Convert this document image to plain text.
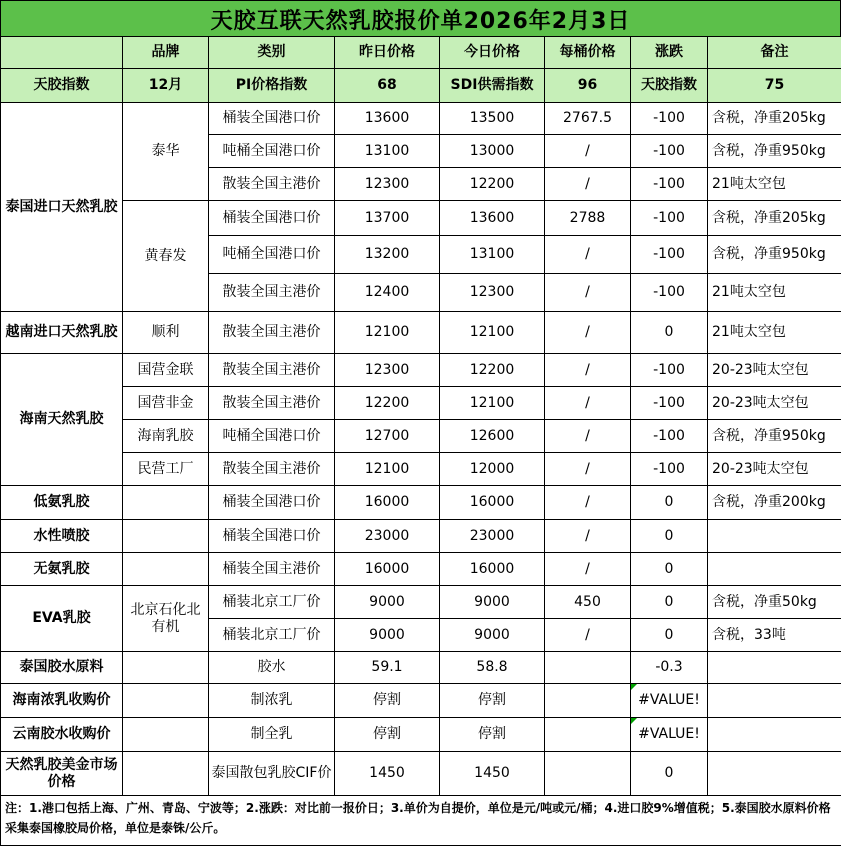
天胶互联天然乳胶报价单2026年2月3日
	品牌	类别	昨日价格	今日价格	每桶价格	涨跌	备注
天胶指数	12月	PI价格指数	68	SDI供需指数	96	天胶指数	75
泰国进口天然乳胶	泰华	桶装全国港口价	13600	13500	2767.5	-100	含税，净重205kg
		吨桶全国港口价	13100	13000	/	-100	含税，净重950kg
		散装全国主港价	12300	12200	/	-100	21吨太空包
	黄春发	桶装全国港口价	13700	13600	2788	-100	含税，净重205kg
		吨桶全国港口价	13200	13100	/	-100	含税，净重950kg
		散装全国主港价	12400	12300	/	-100	21吨太空包
越南进口天然乳胶	顺利	散装全国主港价	12100	12100	/	0	21吨太空包
海南天然乳胶	国营金联	散装全国主港价	12300	12200	/	-100	20-23吨太空包
	国营非金	散装全国主港价	12200	12100	/	-100	20-23吨太空包
	海南乳胶	吨桶全国港口价	12700	12600	/	-100	含税，净重950kg
	民营工厂	散装全国主港价	12100	12000	/	-100	20-23吨太空包
低氨乳胶		桶装全国港口价	16000	16000	/	0	含税，净重200kg
水性喷胶		桶装全国港口价	23000	23000	/	0	
无氨乳胶		桶装全国主港价	16000	16000	/	0	
EVA乳胶	北京石化北有机	桶装北京工厂价	9000	9000	450	0	含税，净重50kg
		桶装北京工厂价	9000	9000	/	0	含税，33吨
泰国胶水原料		胶水	59.1	58.8		-0.3	
海南浓乳收购价		制浓乳	停割	停割		#VALUE!	
云南胶水收购价		制全乳	停割	停割		#VALUE!	
天然乳胶美金市场价格		泰国散包乳胶CIF价	1450	1450		0	
注：1.港口包括上海、广州、青岛、宁波等；2.涨跌：对比前一报价日；3.单价为自提价，单位是元/吨或元/桶；4.进口胶9%增值税；5.泰国胶水原料价格采集泰国橡胶局价格，单位是泰铢/公斤。							
